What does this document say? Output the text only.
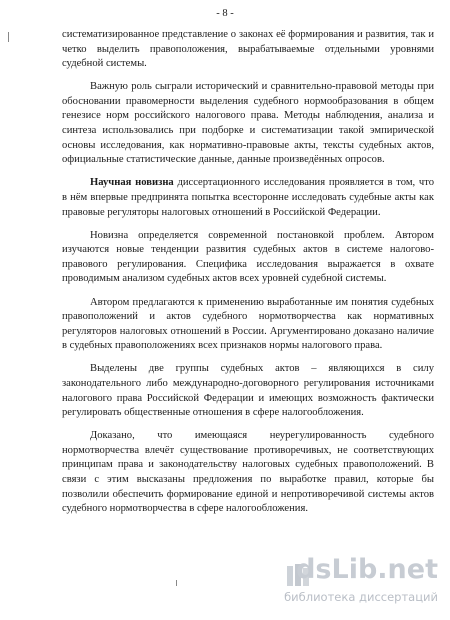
- 8 -

систематизированное представление о законах её формирования и развития, так и четко выделить правоположения, вырабатываемые отдельными уровнями судебной системы.

Важную роль сыграли исторический и сравнительно-правовой методы при обосновании правомерности выделения судебного нормообразования в общем генезисе норм российского налогового права. Методы наблюдения, анализа и синтеза использовались при подборке и систематизации такой эмпирической основы исследования, как нормативно-правовые акты, тексты судебных актов, официальные статистические данные, данные произведённых опросов.

Научная новизна диссертационного исследования проявляется в том, что в нём впервые предпринята попытка всесторонне исследовать судебные акты как правовые регуляторы налоговых отношений в Российской Федерации.

Новизна определяется современной постановкой проблем. Автором изучаются новые тенденции развития судебных актов в системе налогово-правового регулирования. Специфика исследования выражается в охвате проводимым анализом судебных актов всех уровней судебной системы.

Автором предлагаются к применению выработанные им понятия судебных правоположений и актов судебного нормотворчества как нормативных регуляторов налоговых отношений в России. Аргументировано доказано наличие в судебных правоположениях всех признаков нормы налогового права.

Выделены две группы судебных актов – являющихся в силу законодательного либо международно-договорного регулирования источниками налогового права Российской Федерации и имеющих возможность фактически регулировать общественные отношения в сфере налогообложения.

Доказано, что имеющаяся неурегулированность судебного нормотворчества влечёт существование противоречивых, не соответствующих принципам права и законодательству налоговых судебных правоположений. В связи с этим высказаны предложения по выработке правил, которые бы позволили обеспечить формирование единой и непротиворечивой системы актов судебного нормотворчества в сфере налогообложения.

dsLib.net
библиотека диссертаций
